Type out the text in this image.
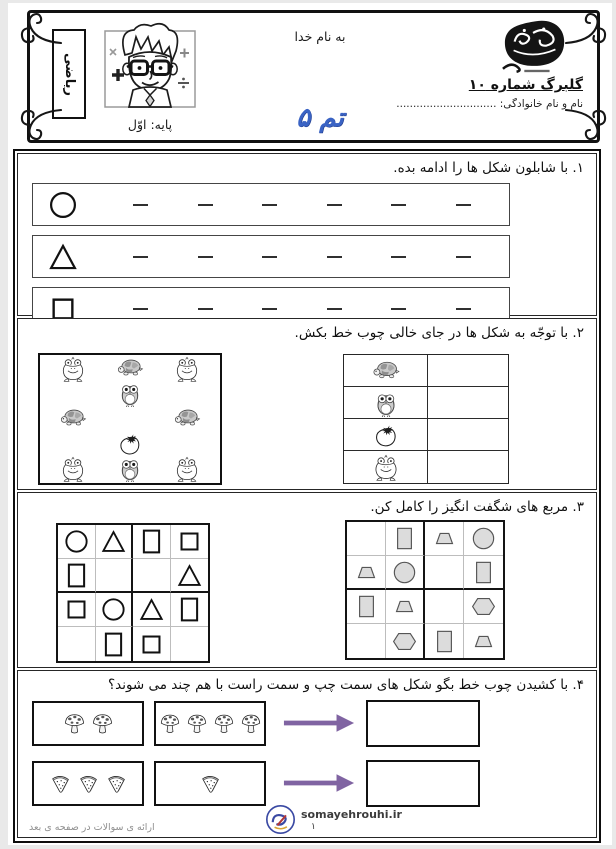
ریاضی
پایه: اوّل
به نام خدا
تم ۵
گلبرگ شماره ۱۰
نام و نام خانوادگی: ..............................
۱. با شابلون شکل ها را ادامه بده.
۲. با توجّه به شکل ها در جای خالی چوب خط بکش.
۳. مربع های شگفت انگیز را کامل کن.
۴. با کشیدن چوب خط بگو شکل های سمت چپ و سمت راست با هم چند می شوند؟
somayehrouhi.ir
۱
ارائه ی سوالات در صفحه ی بعد
